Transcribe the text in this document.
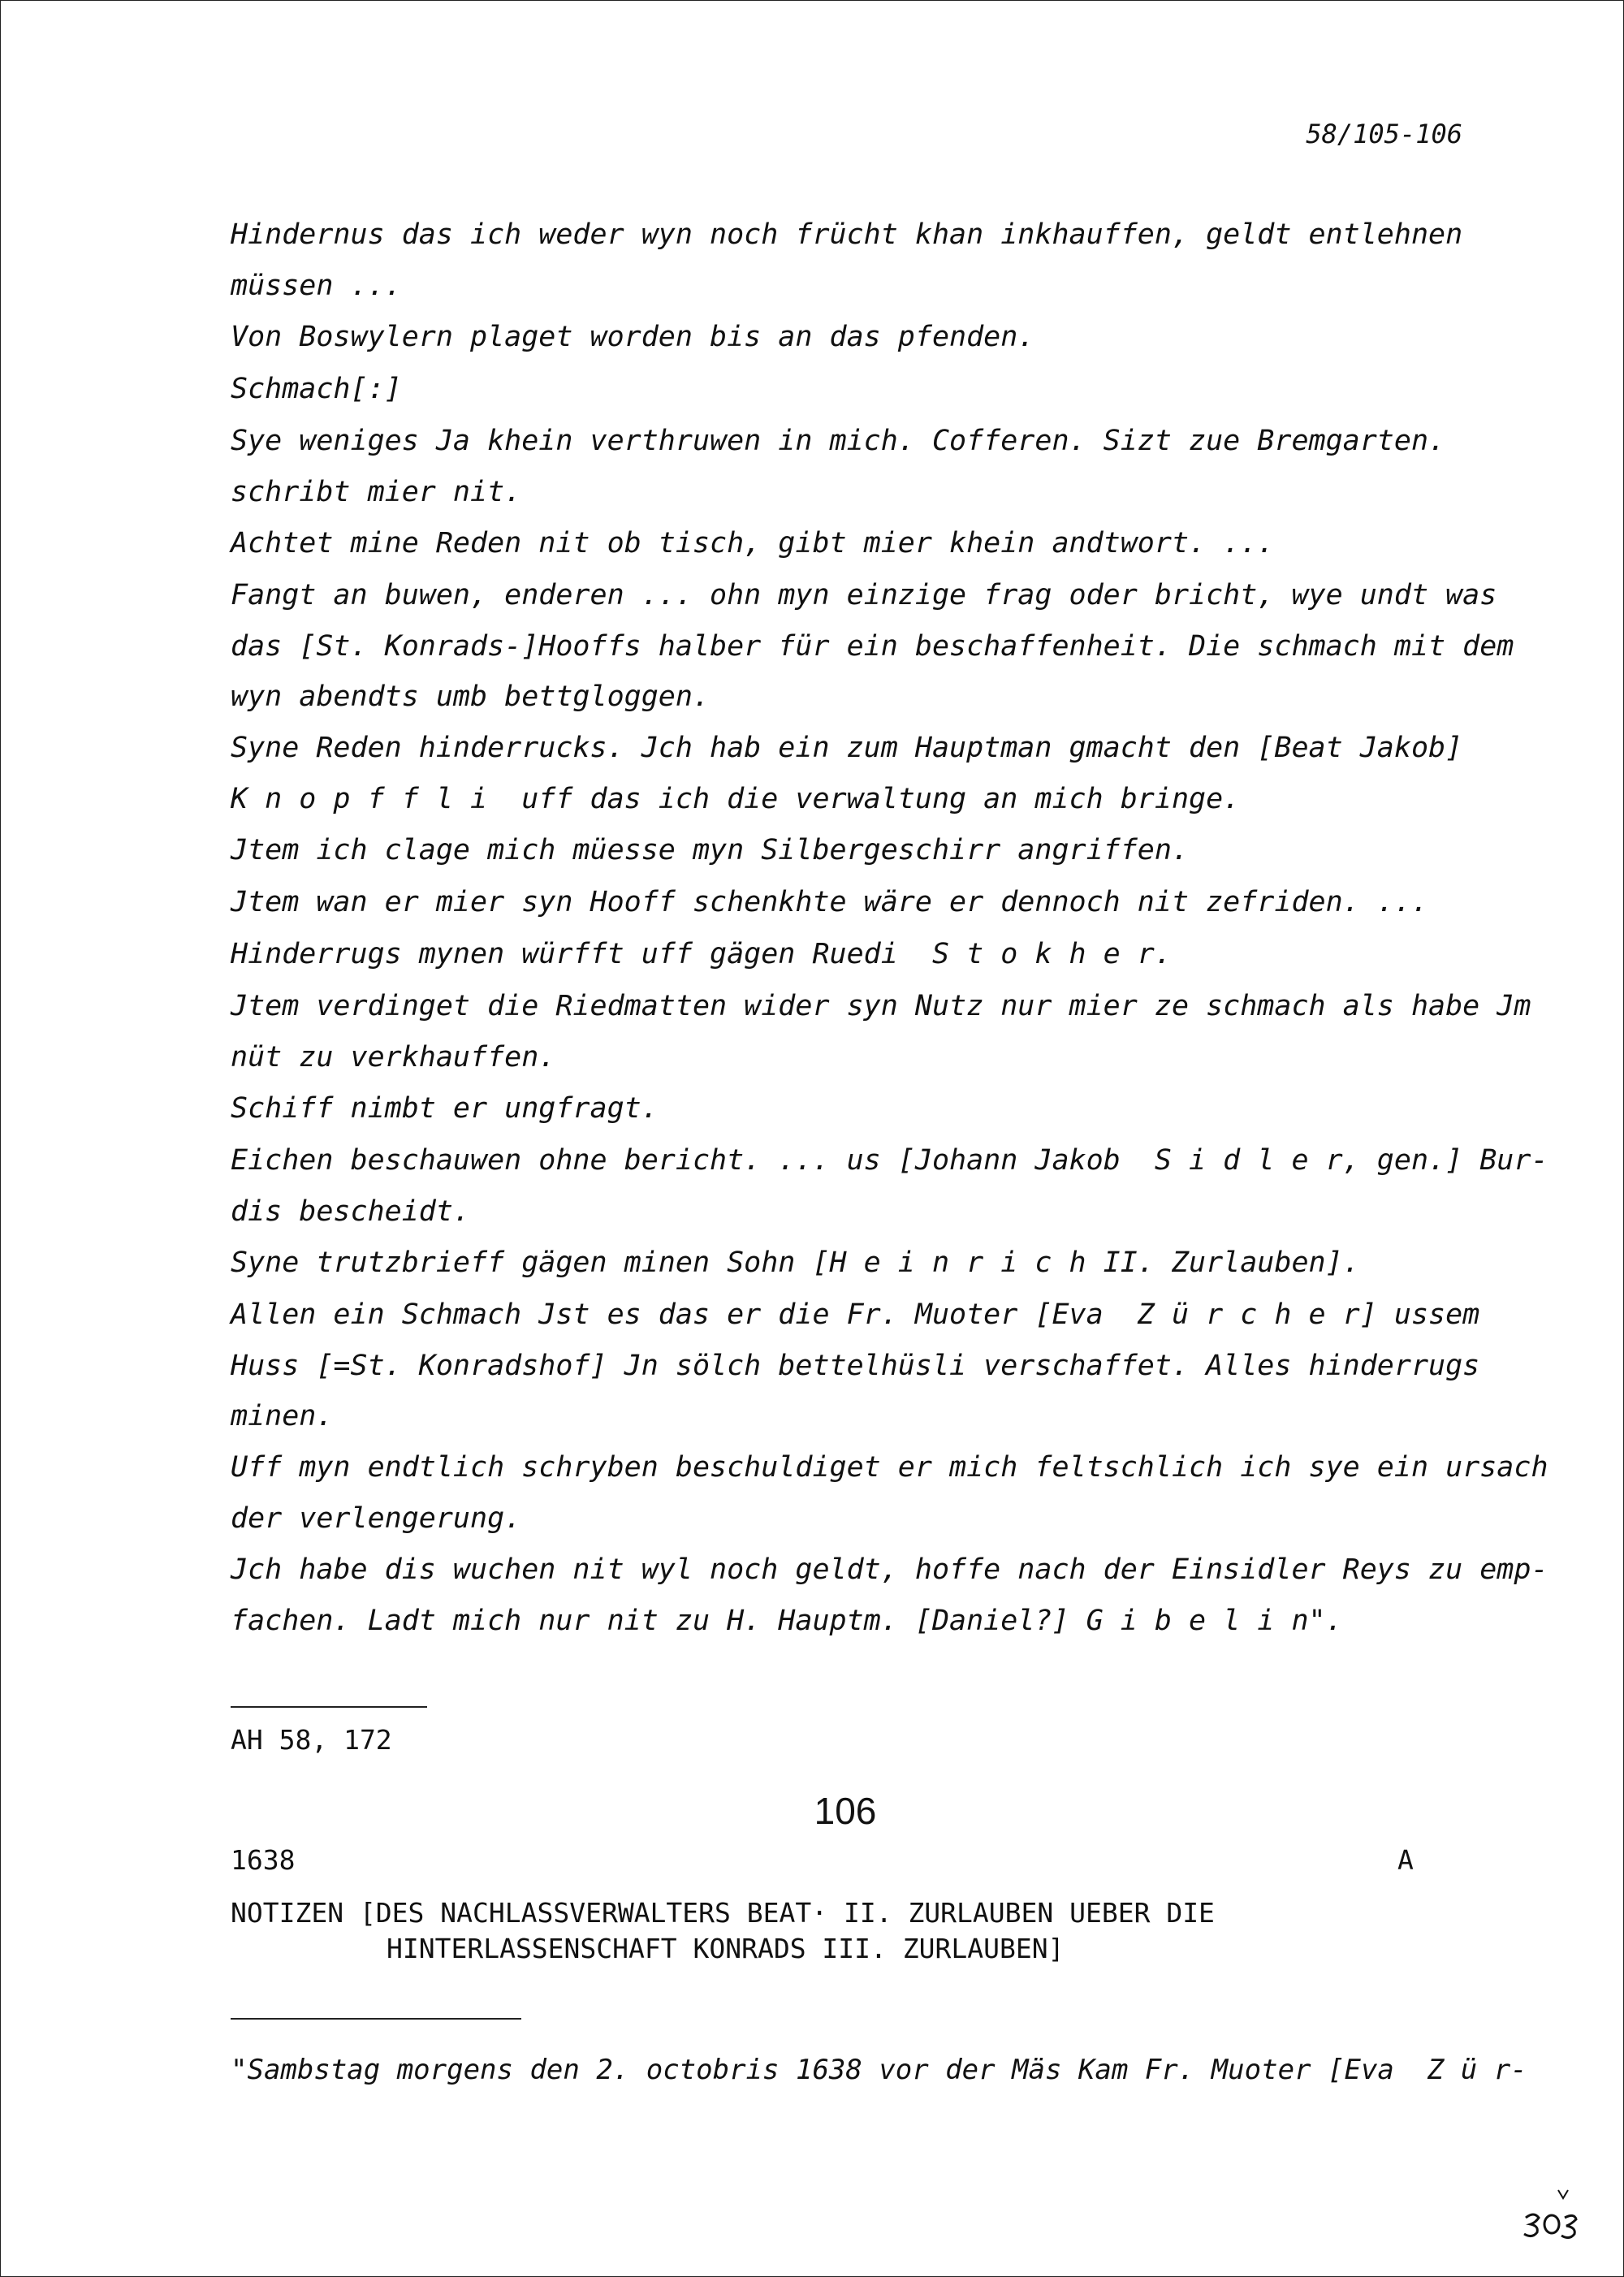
58/105-106
Hindernus das ich weder wyn noch frücht khan inkhauffen, geldt entlehnen
müssen ...
Von Boswylern plaget worden bis an das pfenden.
Schmach[:]
Sye weniges Ja khein verthruwen in mich. Cofferen. Sizt zue Bremgarten.
schribt mier nit.
Achtet mine Reden nit ob tisch, gibt mier khein andtwort. ...
Fangt an buwen, enderen ... ohn myn einzige frag oder bricht, wye undt was
das [St. Konrads-]Hooffs halber für ein beschaffenheit. Die schmach mit dem
wyn abendts umb bettgloggen.
Syne Reden hinderrucks. Jch hab ein zum Hauptman gmacht den [Beat Jakob]
K n o p f f l i  uff das ich die verwaltung an mich bringe.
Jtem ich clage mich müesse myn Silbergeschirr angriffen.
Jtem wan er mier syn Hooff schenkhte wäre er dennoch nit zefriden. ...
Hinderrugs mynen würfft uff gägen Ruedi  S t o k h e r.
Jtem verdinget die Riedmatten wider syn Nutz nur mier ze schmach als habe Jm
nüt zu verkhauffen.
Schiff nimbt er ungfragt.
Eichen beschauwen ohne bericht. ... us [Johann Jakob  S i d l e r, gen.] Bur-
dis bescheidt.
Syne trutzbrieff gägen minen Sohn [H e i n r i c h II. Zurlauben].
Allen ein Schmach Jst es das er die Fr. Muoter [Eva  Z ü r c h e r] ussem
Huss [=St. Konradshof] Jn sölch bettelhüsli verschaffet. Alles hinderrugs
minen.
Uff myn endtlich schryben beschuldiget er mich feltschlich ich sye ein ursach
der verlengerung.
Jch habe dis wuchen nit wyl noch geldt, hoffe nach der Einsidler Reys zu emp-
fachen. Ladt mich nur nit zu H. Hauptm. [Daniel?] G i b e l i n".
AH 58, 172
106
1638	A
NOTIZEN [DES NACHLASSVERWALTERS BEAT· II. ZURLAUBEN UEBER DIE
HINTERLASSENSCHAFT KONRADS III. ZURLAUBEN]
"Sambstag morgens den 2. octobris 1638 vor der Mäs Kam Fr. Muoter [Eva  Z ü r-
